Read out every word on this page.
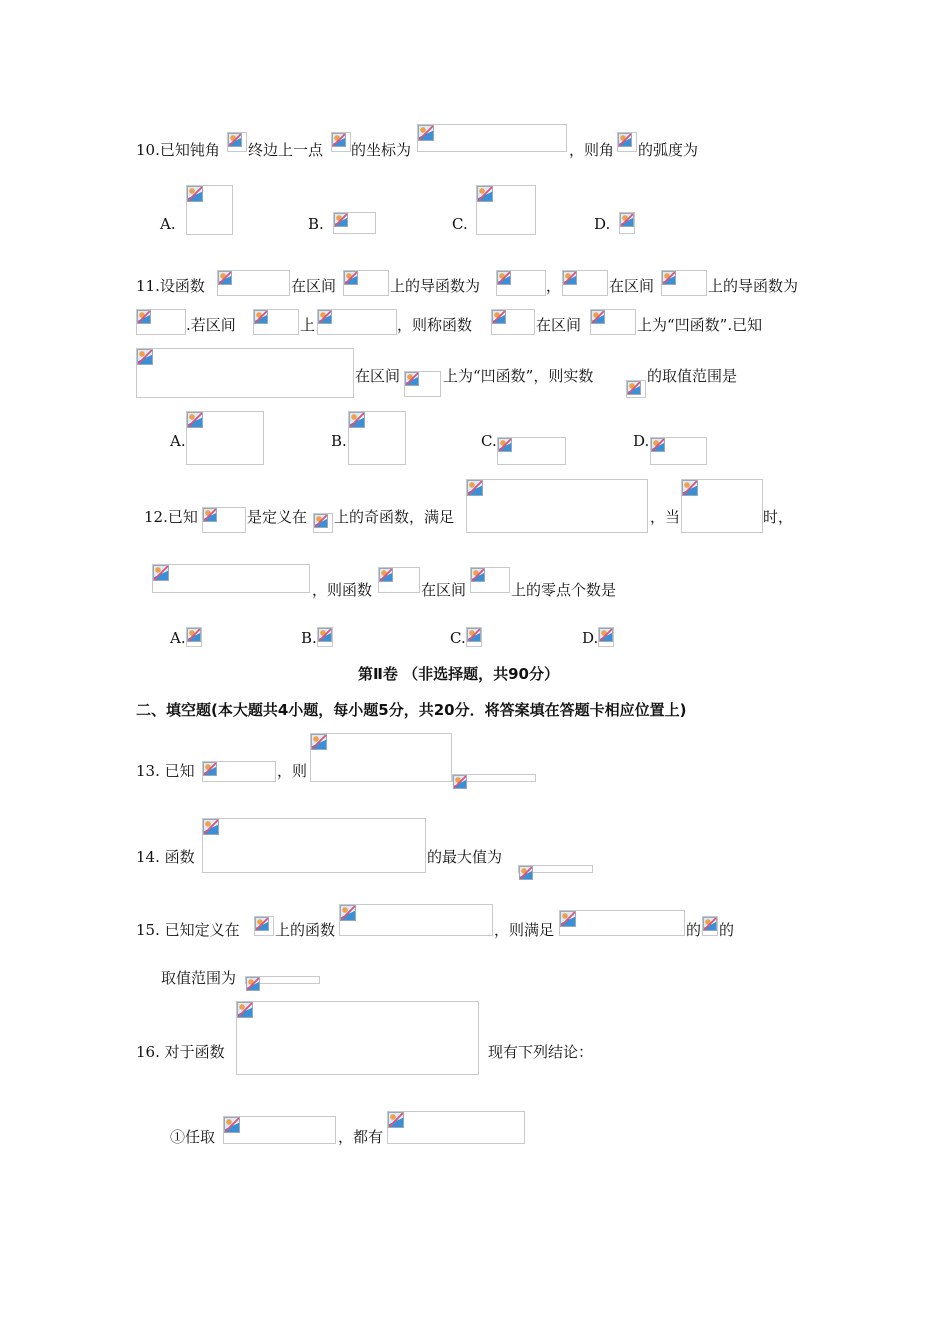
10.已知钝角 终边上一点 的坐标为	，则角 的弧度为
A.	B.	C.	D.
11.设函数	在区间	上的导函数为	，	在区间	上的导函数为
.若区间	上	，则称函数	在区间	上为“凹函数”.已知
在区间	上为“凹函数”，则实数	的取值范围是
A.	B.	C.	D.
12.已知	是定义在 上的奇函数，满足	，当	时，
，则函数	在区间	上的零点个数是
A.	B.	C.	D.
第Ⅱ卷 （非选择题，共90分）
二、填空题(本大题共4小题，每小题5分，共20分．将答案填在答题卡相应位置上)
13. 已知	，则
14. 函数	的最大值为
15. 已知定义在 上的函数	，则满足	的 的
取值范围为
16. 对于函数	现有下列结论：
①任取	，都有
